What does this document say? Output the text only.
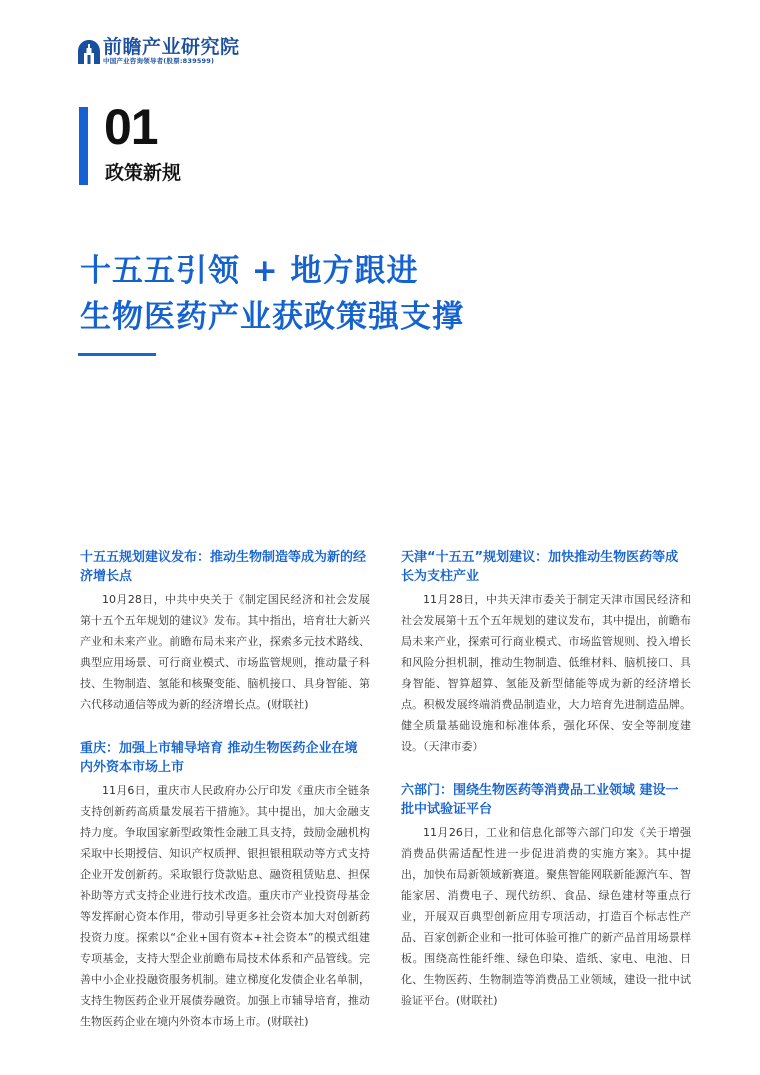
前瞻产业研究院
中国产业咨询领导者(股票:839599)
01
政策新规
十五五引领 + 地方跟进
生物医药产业获政策强支撑

十五五规划建议发布：推动生物制造等成为新的经济增长点

10月28日，中共中央关于《制定国民经济和社会发展第十五个五年规划的建议》发布。其中指出，培育壮大新兴产业和未来产业。前瞻布局未来产业，探索多元技术路线、典型应用场景、可行商业模式、市场监管规则，推动量子科技、生物制造、氢能和核聚变能、脑机接口、具身智能、第六代移动通信等成为新的经济增长点。(财联社)

重庆：加强上市辅导培育 推动生物医药企业在境内外资本市场上市

11月6日，重庆市人民政府办公厅印发《重庆市全链条支持创新药高质量发展若干措施》。其中提出，加大金融支持力度。争取国家新型政策性金融工具支持，鼓励金融机构采取中长期授信、知识产权质押、银担银租联动等方式支持企业开发创新药。采取银行贷款贴息、融资租赁贴息、担保补助等方式支持企业进行技术改造。重庆市产业投资母基金等发挥耐心资本作用，带动引导更多社会资本加大对创新药投资力度。探索以“企业+国有资本+社会资本”的模式组建专项基金，支持大型企业前瞻布局技术体系和产品管线。完善中小企业投融资服务机制。建立梯度化发债企业名单制，支持生物医药企业开展债券融资。加强上市辅导培育，推动生物医药企业在境内外资本市场上市。(财联社)

天津“十五五”规划建议：加快推动生物医药等成长为支柱产业

11月28日，中共天津市委关于制定天津市国民经济和社会发展第十五个五年规划的建议发布，其中提出，前瞻布局未来产业，探索可行商业模式、市场监管规则、投入增长和风险分担机制，推动生物制造、低维材料、脑机接口、具身智能、智算超算、氢能及新型储能等成为新的经济增长点。积极发展终端消费品制造业，大力培育先进制造品牌。健全质量基础设施和标准体系，强化环保、安全等制度建设。（天津市委）

六部门：围绕生物医药等消费品工业领域 建设一批中试验证平台

11月26日，工业和信息化部等六部门印发《关于增强消费品供需适配性进一步促进消费的实施方案》。其中提出，加快布局新领域新赛道。聚焦智能网联新能源汽车、智能家居、消费电子、现代纺织、食品、绿色建材等重点行业，开展双百典型创新应用专项活动，打造百个标志性产品、百家创新企业和一批可体验可推广的新产品首用场景样板。围绕高性能纤维、绿色印染、造纸、家电、电池、日化、生物医药、生物制造等消费品工业领域，建设一批中试验证平台。(财联社)
